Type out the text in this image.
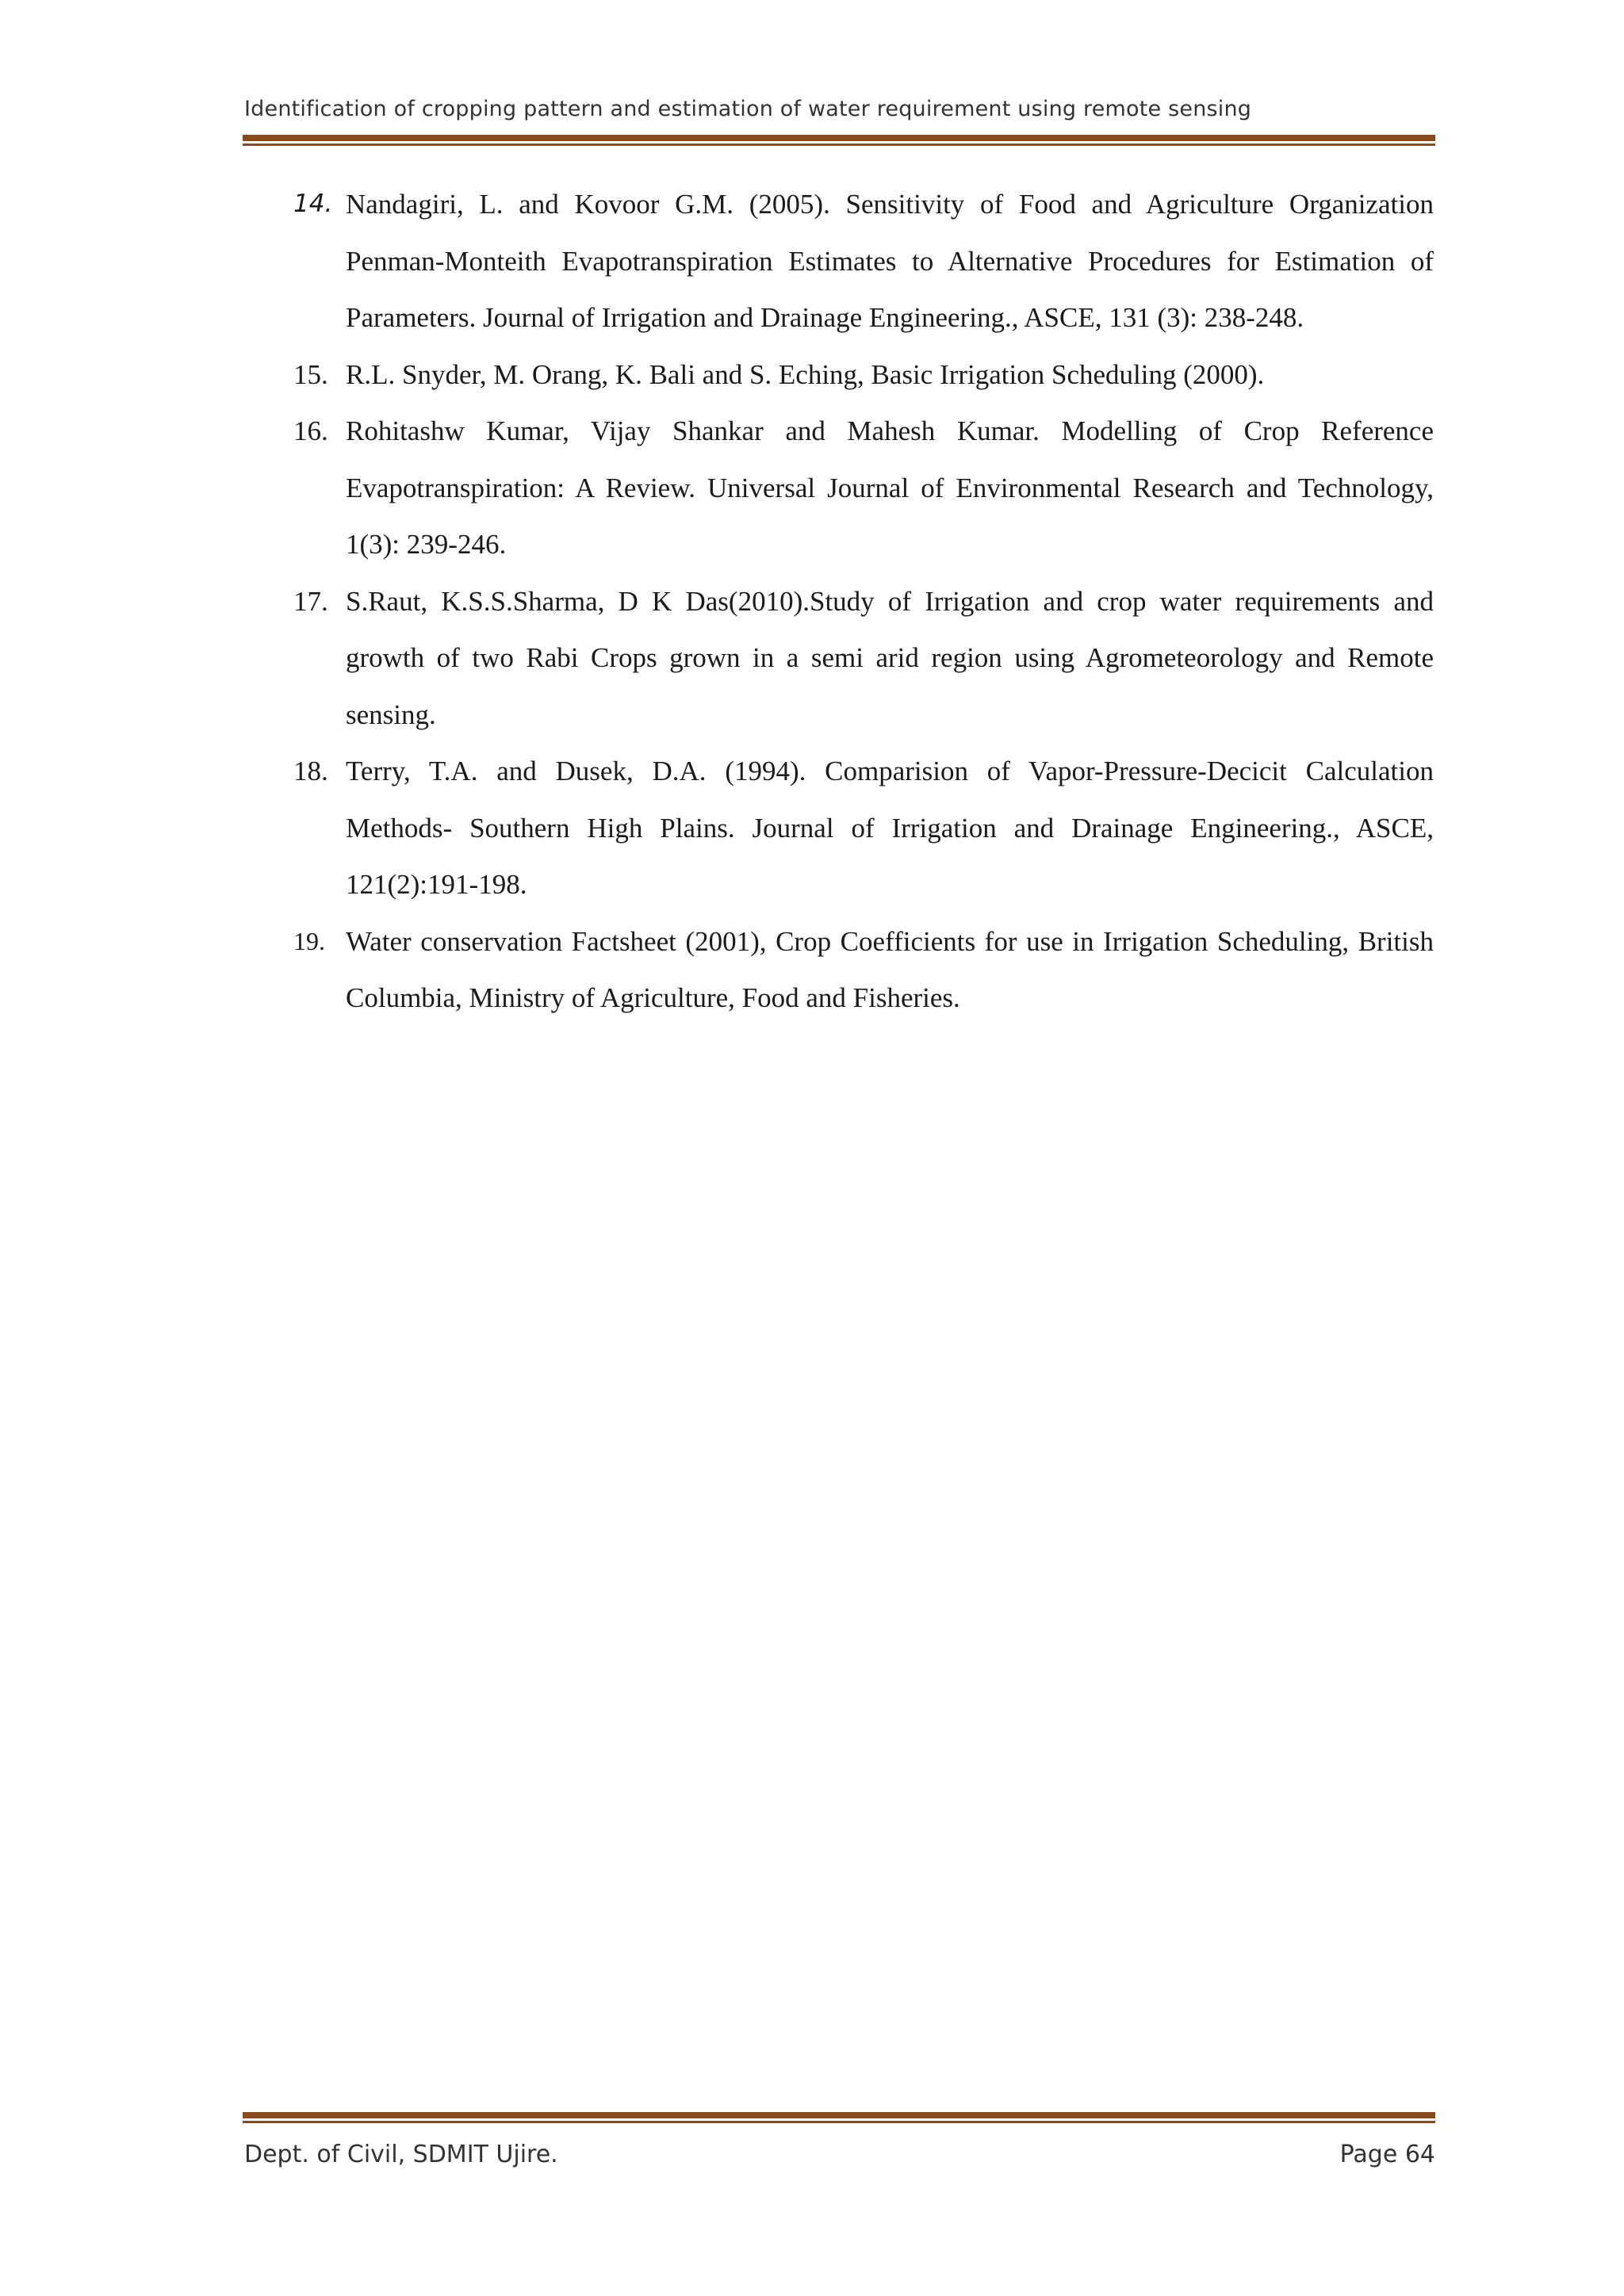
Identification of cropping pattern and estimation of water requirement using remote sensing
14. Nandagiri, L. and Kovoor G.M. (2005). Sensitivity of Food and Agriculture Organization Penman-Monteith Evapotranspiration Estimates to Alternative Procedures for Estimation of Parameters. Journal of Irrigation and Drainage Engineering., ASCE, 131 (3): 238-248.
15. R.L. Snyder, M. Orang, K. Bali and S. Eching, Basic Irrigation Scheduling (2000).
16. Rohitashw Kumar, Vijay Shankar and Mahesh Kumar. Modelling of Crop Reference Evapotranspiration: A Review. Universal Journal of Environmental Research and Technology, 1(3): 239-246.
17. S.Raut, K.S.S.Sharma, D K Das(2010).Study of Irrigation and crop water requirements and growth of two Rabi Crops grown in a semi arid region using Agrometeorology and Remote sensing.
18. Terry, T.A. and Dusek, D.A. (1994). Comparision of Vapor-Pressure-Decicit Calculation Methods- Southern High Plains. Journal of Irrigation and Drainage Engineering., ASCE, 121(2):191-198.
19. Water conservation Factsheet (2001), Crop Coefficients for use in Irrigation Scheduling, British Columbia, Ministry of Agriculture, Food and Fisheries.
Dept. of Civil, SDMIT Ujire.	Page 64
